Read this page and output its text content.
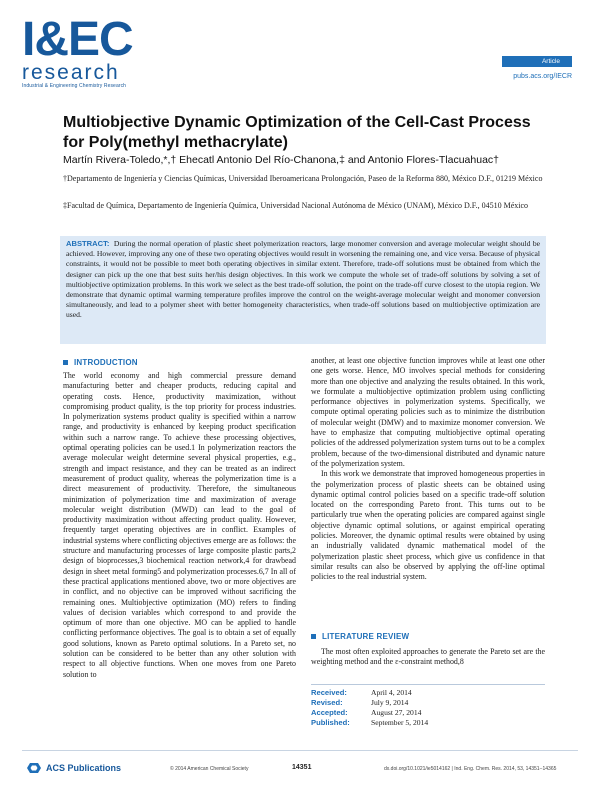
I&EC
research
Industrial & Engineering Chemistry Research
Article
pubs.acs.org/IECR
Multiobjective Dynamic Optimization of the Cell-Cast Process for Poly(methyl methacrylate)
Martín Rivera-Toledo,*,† Ehecatl Antonio Del Río-Chanona,‡ and Antonio Flores-Tlacuahuac†
†Departamento de Ingeniería y Ciencias Químicas, Universidad Iberoamericana Prolongación, Paseo de la Reforma 880, México D.F., 01219 México
‡Facultad de Química, Departamento de Ingeniería Química, Universidad Nacional Autónoma de México (UNAM), México D.F., 04510 México
ABSTRACT: During the normal operation of plastic sheet polymerization reactors, large monomer conversion and average molecular weight should be achieved. However, improving any one of these two operating objectives would result in worsening the remaining one, and vice versa. Because of physical constraints, it would not be possible to meet both operating objectives in similar extent. Therefore, trade-off solutions must be obtained from which the designer can pick up the one that best suits her/his design objectives. In this work we compute the whole set of trade-off solutions by solving a set of multiobjective optimization problems. In this work we select as the best trade-off solution, the point on the trade-off curve closest to the utopia region. We demonstrate that dynamic optimal warming temperature profiles improve the control on the weight-average molecular weight and monomer conversion simultaneously, and lead to a polymer sheet with better homogeneity characteristics, when trade-off solutions based on multiobjective optimization are used.
INTRODUCTION

The world economy and high commercial pressure demand manufacturing better and cheaper products, reducing capital and operating costs. Hence, productivity maximization, without compromising product quality, is the top priority for process industries. In polymerization systems product quality is specified within a narrow range, and productivity is enhanced by keeping product specification within such a narrow range. To achieve these processing objectives, optimal operating policies can be used.1 In polymerization reactors the average molecular weight determine several physical properties, e.g., strength and impact resistance, and they can be treated as an indirect measurement of product quality, whereas the polymerization time is a direct measurement of productivity. Therefore, the simultaneous minimization of polymerization time and maximization of average molecular weight distribution (MWD) can lead to the goal of productivity maximization without affecting product quality. However, frequently target operating objectives are in conflict. Examples of industrial systems where conflicting objectives emerge are as follows: the structure and manufacturing processes of large composite plastic parts,2 design of bioprocesses,3 biochemical reaction network,4 for drawbead design in sheet metal forming5 and polymerization processes.6,7 In all of these practical applications mentioned above, two or more objectives are in conflict, and no objective can be improved without sacrificing the remaining ones. Multiobjective optimization (MO) refers to finding values of decision variables which correspond to and provide the optimum of more than one objective. MO can be applied to handle conflicting performance objectives. The goal is to obtain a set of equally good solutions, known as Pareto optimal solutions. In a Pareto set, no solution can be considered to be better than any other solution with respect to all objective functions. When one moves from one Pareto solution to

another, at least one objective function improves while at least one other one gets worse. Hence, MO involves special methods for considering more than one objective and analyzing the results obtained. In this work, we formulate a multiobjective optimization problem using conflicting performance objectives in polymerization systems. Specifically, we compute optimal operating policies such as to minimize the distribution of molecular weight (DMW) and to maximize monomer conversion. We have to emphasize that computing multiobjective optimal operating policies of the addressed polymerization system turns out to be a complex problem, because of the two-dimensional distributed and dynamic nature of the polymerization system.

In this work we demonstrate that improved homogeneous properties in the polymerization process of plastic sheets can be obtained using dynamic optimal control policies based on a specific trade-off solution located on the corresponding Pareto front. This turns out to be particularly true when the operating policies are compared against single objective dynamic optimal solutions, or against empirical operating policies. Moreover, the dynamic optimal results were obtained by using an industrially validated dynamic mathematical model of the polymerization plastic sheet process, which give us confidence in that similar results can also be observed by applying the off-line optimal policies to the real industrial system.

LITERATURE REVIEW

The most often exploited approaches to generate the Pareto set are the weighting method and the ε-constraint method,8

Received:	April 4, 2014
Revised:	July 9, 2014
Accepted:	August 27, 2014
Published:	September 5, 2014
ACS Publications	© 2014 American Chemical Society	14351	dx.doi.org/10.1021/ie5014162 | Ind. Eng. Chem. Res. 2014, 53, 14351−14365
